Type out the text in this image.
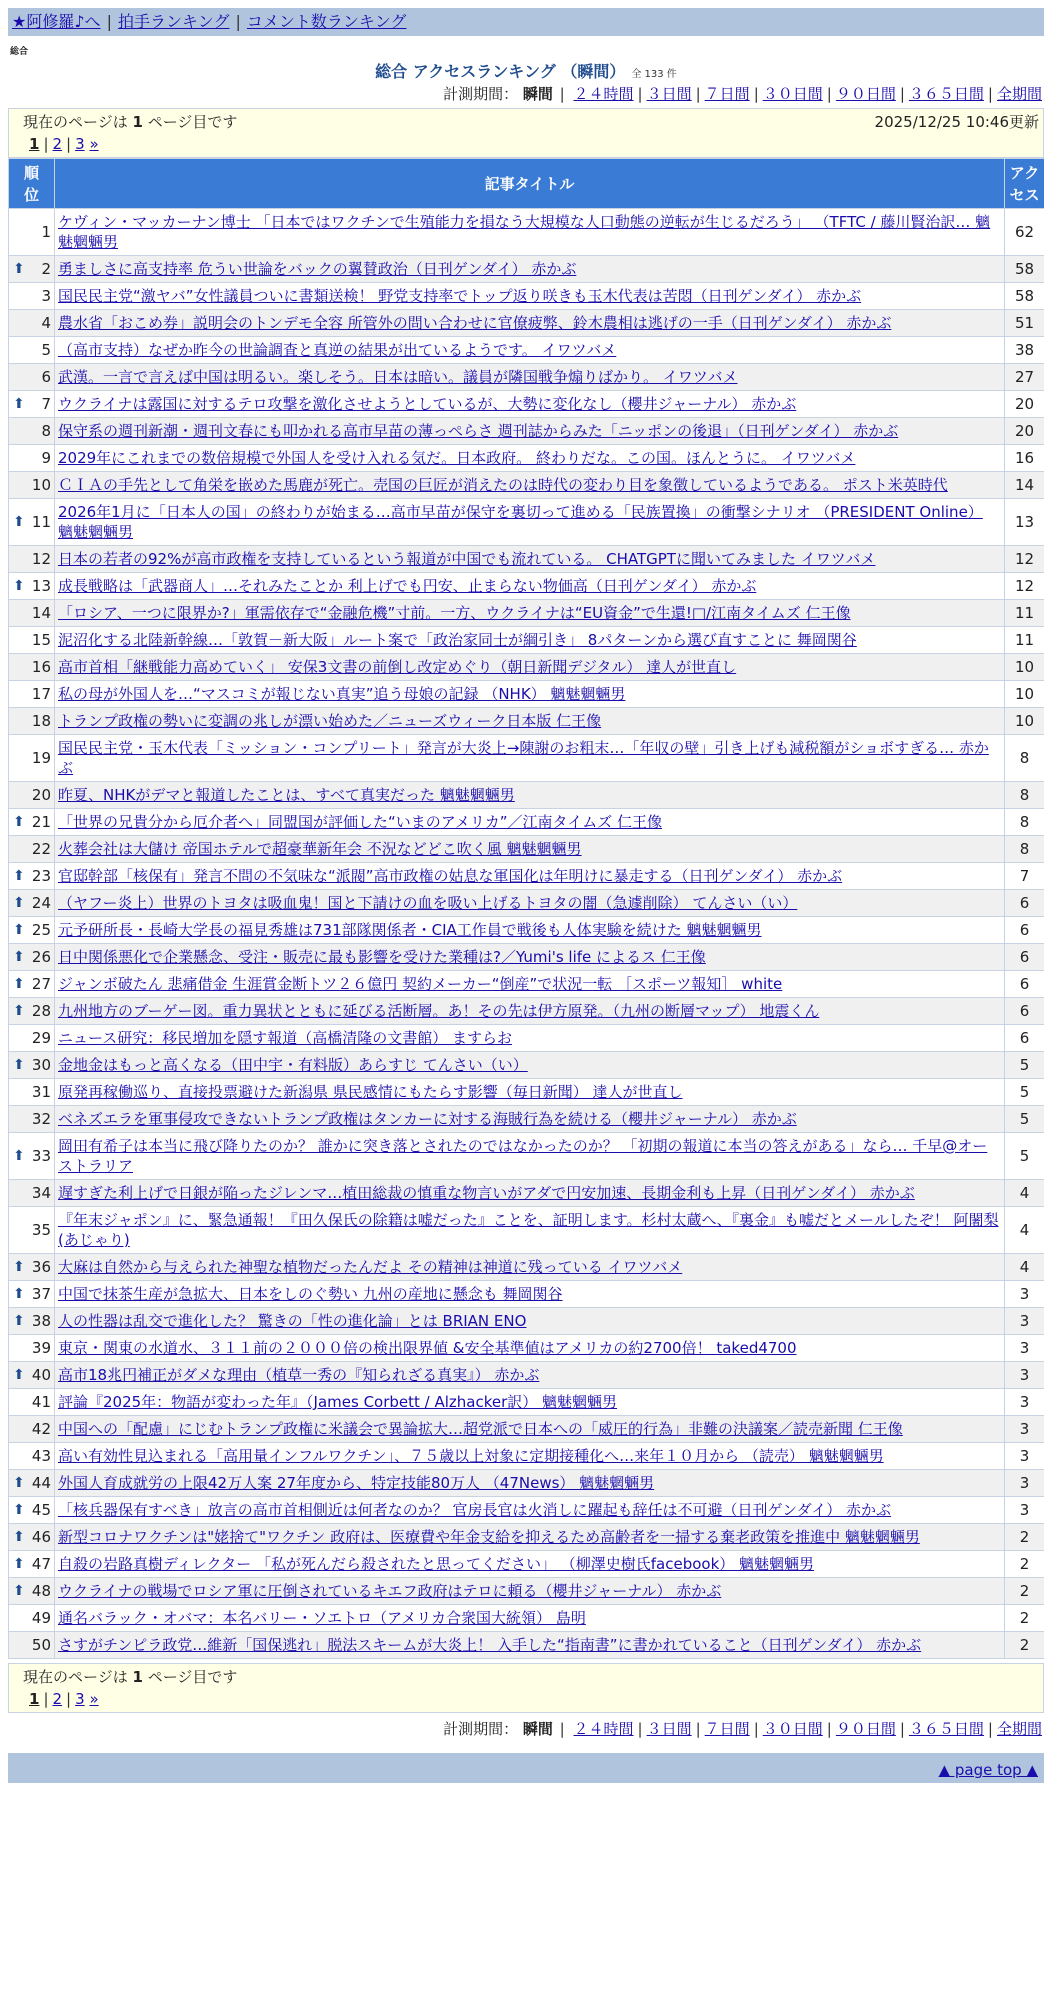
★阿修羅♪へ | 拍手ランキング | コメント数ランキング
総合
総合 アクセスランキング （瞬間） 全 133 件
計測期間： 瞬間 | ２４時間 | ３日間 | ７日間 | ３０日間 | ９０日間 | ３６５日間 | 全期間
現在のページは 1 ページ目です	2025/12/25 10:46更新
1 | 2 | 3 »
順位	記事タイトル	アクセス
1	ケヴィン・マッカーナン博士 「日本ではワクチンで生殖能力を損なう大規模な人口動態の逆転が生じるだろう」 （TFTC / 藤川賢治訳… 魑魅魍魎男	62

⬆ 2	勇ましさに高支持率 危うい世論をバックの翼賛政治（日刊ゲンダイ） 赤かぶ	58
3	国民民主党“激ヤバ”女性議員ついに書類送検！ 野党支持率でトップ返り咲きも玉木代表は苦悶（日刊ゲンダイ） 赤かぶ	58
4	農水省「おこめ券」説明会のトンデモ全容 所管外の問い合わせに官僚疲弊、鈴木農相は逃げの一手（日刊ゲンダイ） 赤かぶ	51
5	（高市支持）なぜか昨今の世論調査と真逆の結果が出ているようです。 イワツバメ	38
6	武漢。一言で言えば中国は明るい。楽しそう。日本は暗い。議員が隣国戦争煽りばかり。 イワツバメ	27

⬆ 7	ウクライナは露国に対するテロ攻撃を激化させようとしているが、大勢に変化なし（櫻井ジャーナル） 赤かぶ	20
8	保守系の週刊新潮・週刊文春にも叩かれる高市早苗の薄っぺらさ 週刊誌からみた「ニッポンの後退」（日刊ゲンダイ） 赤かぶ	20
9	2029年にこれまでの数倍規模で外国人を受け入れる気だ。日本政府。 終わりだな。この国。ほんとうに。 イワツバメ	16
10	ＣＩＡの手先として角栄を嵌めた馬鹿が死亡。売国の巨匠が消えたのは時代の変わり目を象徴しているようである。 ポスト米英時代	14

⬆ 11	2026年1月に「日本人の国」の終わりが始まる…高市早苗が保守を裏切って進める「民族置換」の衝撃シナリオ （PRESIDENT Online） 魑魅魍魎男	13
12	日本の若者の92%が高市政権を支持しているという報道が中国でも流れている。 CHATGPTに聞いてみました イワツバメ	12

⬆ 13	成長戦略は「武器商人」…それみたことか 利上げでも円安、止まらない物価高（日刊ゲンダイ） 赤かぶ	12
14	「ロシア、一つに限界か?」軍需依存で“金融危機”寸前。一方、ウクライナは“EU資金”で生還!□/江南タイムズ 仁王像	11
15	泥沼化する北陸新幹線…「敦賀－新大阪」ルート案で「政治家同士が綱引き」 8パターンから選び直すことに 舞岡関谷	11
16	高市首相「継戦能力高めていく」 安保3文書の前倒し改定めぐり（朝日新聞デジタル） 達人が世直し	10
17	私の母が外国人を…“マスコミが報じない真実”追う母娘の記録 （NHK） 魑魅魍魎男	10
18	トランプ政権の勢いに変調の兆しが漂い始めた／ニューズウィーク日本版 仁王像	10
19	国民民主党・玉木代表「ミッション・コンプリート」発言が大炎上→陳謝のお粗末…「年収の壁」引き上げも減税額がショボすぎる… 赤かぶ	8
20	昨夏、NHKがデマと報道したことは、すべて真実だった 魑魅魍魎男	8

⬆ 21	「世界の兄貴分から厄介者へ」同盟国が評価した“いまのアメリカ”／江南タイムズ 仁王像	8
22	火葬会社は大儲け 帝国ホテルで超豪華新年会 不況などどこ吹く風 魑魅魍魎男	8

⬆ 23	官邸幹部「核保有」発言不問の不気味な“派閥”高市政権の姑息な軍国化は年明けに暴走する（日刊ゲンダイ） 赤かぶ	7

⬆ 24	（ヤフー炎上）世界のトヨタは吸血鬼！国と下請けの血を吸い上げるトヨタの闇（急遽削除） てんさい（い）	6

⬆ 25	元予研所長・長崎大学長の福見秀雄は731部隊関係者・CIA工作員で戦後も人体実験を続けた 魑魅魍魎男	6

⬆ 26	日中関係悪化で企業懸念、受注・販売に最も影響を受けた業種は?／Yumi's life によるス 仁王像	6

⬆ 27	ジャンボ破たん 悲痛借金 生涯賞金断トツ２６億円 契約メーカー“倒産”で状況一転 ［スポーツ報知］ white	6

⬆ 28	九州地方のブーゲー図。重力異状とともに延びる活断層。あ！その先は伊方原発。（九州の断層マップ） 地震くん	6
29	ニュース研究：移民増加を隠す報道（高橋清隆の文書館） ますらお	6

⬆ 30	金地金はもっと高くなる（田中宇・有料版）あらすじ てんさい（い）	5
31	原発再稼働巡り、直接投票避けた新潟県 県民感情にもたらす影響（毎日新聞） 達人が世直し	5
32	ベネズエラを軍事侵攻できないトランプ政権はタンカーに対する海賊行為を続ける（櫻井ジャーナル） 赤かぶ	5

⬆ 33	岡田有希子は本当に飛び降りたのか？ 誰かに突き落とされたのではなかったのか？ 「初期の報道に本当の答えがある」なら… 千早@オーストラリア	5
34	遅すぎた利上げで日銀が陥ったジレンマ…植田総裁の慎重な物言いがアダで円安加速、長期金利も上昇（日刊ゲンダイ） 赤かぶ	4
35	『年末ジャポン』に、緊急通報！『田久保氏の除籍は嘘だった』ことを、証明します。杉村太蔵へ、『裏金』も嘘だとメールしたぞ！ 阿闍梨(あじゃり)	4

⬆ 36	大麻は自然から与えられた神聖な植物だったんだよ その精神は神道に残っている イワツバメ	4

⬆ 37	中国で抹茶生産が急拡大、日本をしのぐ勢い 九州の産地に懸念も 舞岡関谷	3

⬆ 38	人の性器は乱交で進化した？ 驚きの「性の進化論」とは BRIAN ENO	3
39	東京・関東の水道水、３１１前の２０００倍の検出限界値 &安全基準値はアメリカの約2700倍！ taked4700	3

⬆ 40	高市18兆円補正がダメな理由（植草一秀の『知られざる真実』） 赤かぶ	3
41	評論『2025年：物語が変わった年』（James Corbett / Alzhacker訳） 魑魅魍魎男	3
42	中国への「配慮」にじむトランプ政権に米議会で異論拡大…超党派で日本への「威圧的行為」非難の決議案／読売新聞 仁王像	3
43	高い有効性見込まれる「高用量インフルワクチン」、７５歳以上対象に定期接種化へ…来年１０月から （読売） 魑魅魍魎男	3

⬆ 44	外国人育成就労の上限42万人案 27年度から、特定技能80万人 （47News） 魑魅魍魎男	3

⬆ 45	「核兵器保有すべき」放言の高市首相側近は何者なのか？ 官房長官は火消しに躍起も辞任は不可避（日刊ゲンダイ） 赤かぶ	3

⬆ 46	新型コロナワクチンは"姥捨て"ワクチン 政府は、医療費や年金支給を抑えるため高齢者を一掃する棄老政策を推進中 魑魅魍魎男	2

⬆ 47	自殺の岩路真樹ディレクター 「私が死んだら殺されたと思ってください」 （柳澤史樹氏facebook） 魑魅魍魎男	2

⬆ 48	ウクライナの戦場でロシア軍に圧倒されているキエフ政府はテロに頼る（櫻井ジャーナル） 赤かぶ	2
49	通名バラック・オバマ：本名バリー・ソエトロ（アメリカ合衆国大統領） 島明	2
50	さすがチンピラ政党…維新「国保逃れ」脱法スキームが大炎上！ 入手した“指南書”に書かれていること（日刊ゲンダイ） 赤かぶ	2
現在のページは 1 ページ目です
1 | 2 | 3 »
計測期間： 瞬間 | ２４時間 | ３日間 | ７日間 | ３０日間 | ９０日間 | ３６５日間 | 全期間
▲ page top ▲
